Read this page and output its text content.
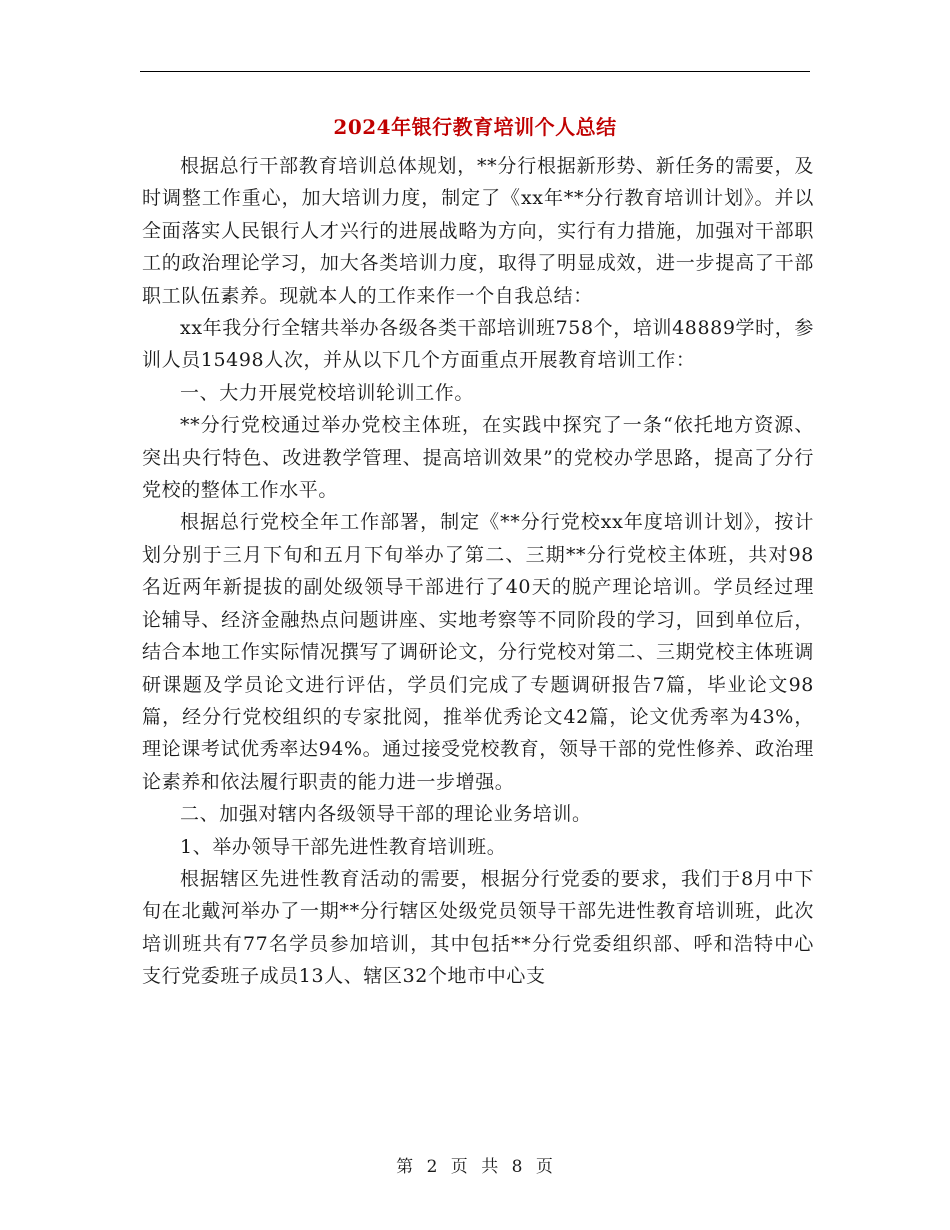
2024年银行教育培训个人总结

根据总行干部教育培训总体规划，**分行根据新形势、新任务的需要，及时调整工作重心，加大培训力度，制定了《xx年**分行教育培训计划》。并以全面落实人民银行人才兴行的进展战略为方向，实行有力措施，加强对干部职工的政治理论学习，加大各类培训力度，取得了明显成效，进一步提高了干部职工队伍素养。现就本人的工作来作一个自我总结：

xx年我分行全辖共举办各级各类干部培训班758个，培训48889学时，参训人员15498人次，并从以下几个方面重点开展教育培训工作：

一、大力开展党校培训轮训工作。

**分行党校通过举办党校主体班，在实践中探究了一条“依托地方资源、突出央行特色、改进教学管理、提高培训效果”的党校办学思路，提高了分行党校的整体工作水平。

根据总行党校全年工作部署，制定《**分行党校xx年度培训计划》，按计划分别于三月下旬和五月下旬举办了第二、三期**分行党校主体班，共对98名近两年新提拔的副处级领导干部进行了40天的脱产理论培训。学员经过理论辅导、经济金融热点问题讲座、实地考察等不同阶段的学习，回到单位后，结合本地工作实际情况撰写了调研论文，分行党校对第二、三期党校主体班调研课题及学员论文进行评估，学员们完成了专题调研报告7篇，毕业论文98篇，经分行党校组织的专家批阅，推举优秀论文42篇，论文优秀率为43%，理论课考试优秀率达94%。通过接受党校教育，领导干部的党性修养、政治理论素养和依法履行职责的能力进一步增强。

二、加强对辖内各级领导干部的理论业务培训。

1、举办领导干部先进性教育培训班。

根据辖区先进性教育活动的需要，根据分行党委的要求，我们于8月中下旬在北戴河举办了一期**分行辖区处级党员领导干部先进性教育培训班，此次培训班共有77名学员参加培训，其中包括**分行党委组织部、呼和浩特中心支行党委班子成员13人、辖区32个地市中心支

第 2 页 共 8 页
